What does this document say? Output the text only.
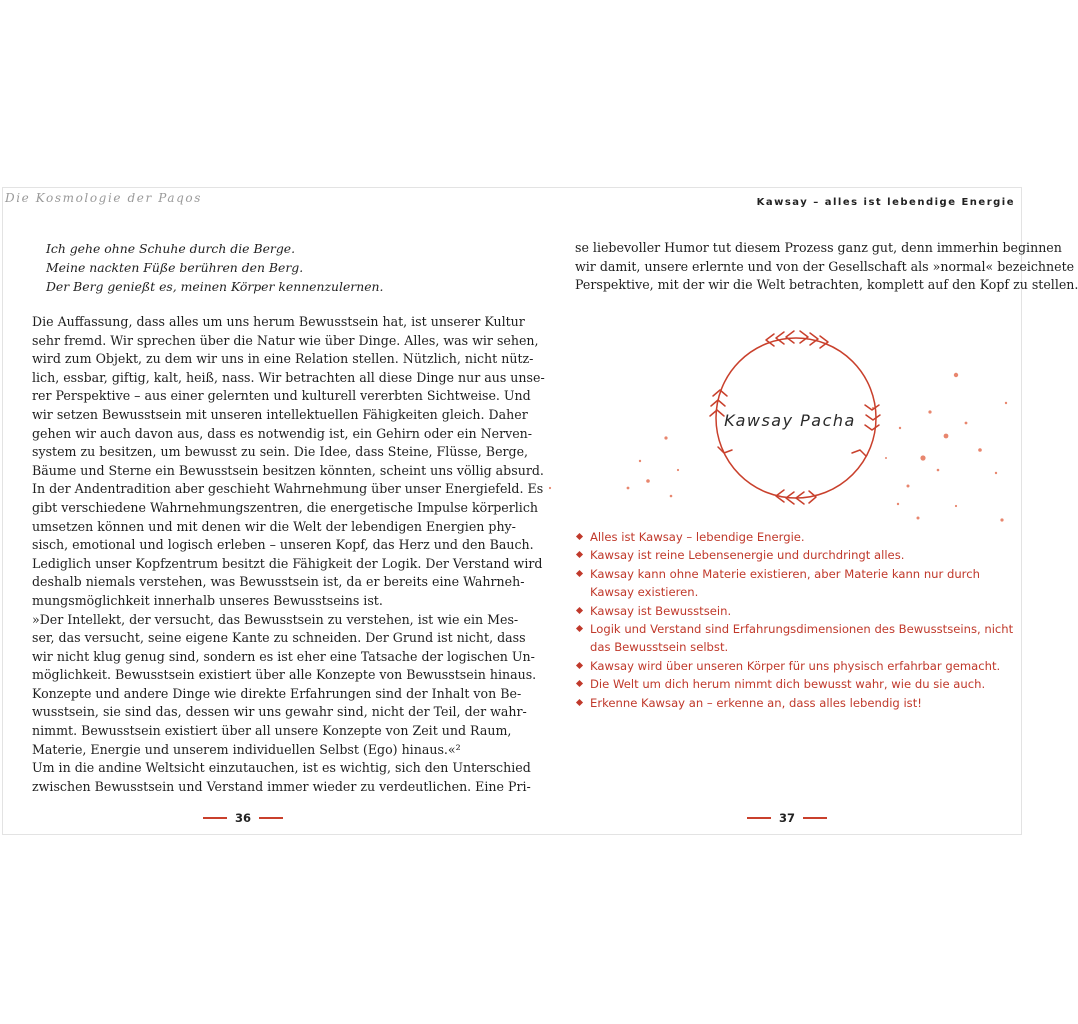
Die Kosmologie der Paqos
Ich gehe ohne Schuhe durch die Berge.
Meine nackten Füße berühren den Berg.
Der Berg genießt es, meinen Körper kennenzulernen.
Die Auffassung, dass alles um uns herum Bewusstsein hat, ist unserer Kultur
sehr fremd. Wir sprechen über die Natur wie über Dinge. Alles, was wir sehen,
wird zum Objekt, zu dem wir uns in eine Relation stellen. Nützlich, nicht nütz-
lich, essbar, giftig, kalt, heiß, nass. Wir betrachten all diese Dinge nur aus unse-
rer Perspektive – aus einer gelernten und kulturell vererbten Sichtweise. Und
wir setzen Bewusstsein mit unseren intellektuellen Fähigkeiten gleich. Daher
gehen wir auch davon aus, dass es notwendig ist, ein Gehirn oder ein Nerven-
system zu besitzen, um bewusst zu sein. Die Idee, dass Steine, Flüsse, Berge,
Bäume und Sterne ein Bewusstsein besitzen könnten, scheint uns völlig absurd.
In der Andentradition aber geschieht Wahrnehmung über unser Energiefeld. Es
gibt verschiedene Wahrnehmungszentren, die energetische Impulse körperlich
umsetzen können und mit denen wir die Welt der lebendigen Energien phy-
sisch, emotional und logisch erleben – unseren Kopf, das Herz und den Bauch.
Lediglich unser Kopfzentrum besitzt die Fähigkeit der Logik. Der Verstand wird
deshalb niemals verstehen, was Bewusstsein ist, da er bereits eine Wahrneh-
mungsmöglichkeit innerhalb unseres Bewusstseins ist.
»Der Intellekt, der versucht, das Bewusstsein zu verstehen, ist wie ein Mes-
ser, das versucht, seine eigene Kante zu schneiden. Der Grund ist nicht, dass
wir nicht klug genug sind, sondern es ist eher eine Tatsache der logischen Un-
möglichkeit. Bewusstsein existiert über alle Konzepte von Bewusstsein hinaus.
Konzepte und andere Dinge wie direkte Erfahrungen sind der Inhalt von Be-
wusstsein, sie sind das, dessen wir uns gewahr sind, nicht der Teil, der wahr-
nimmt. Bewusstsein existiert über all unsere Konzepte von Zeit und Raum,
Materie, Energie und unserem individuellen Selbst (Ego) hinaus.«²
Um in die andine Weltsicht einzutauchen, ist es wichtig, sich den Unterschied
zwischen Bewusstsein und Verstand immer wieder zu verdeutlichen. Eine Pri-
36
Kawsay – alles ist lebendige Energie
se liebevoller Humor tut diesem Prozess ganz gut, denn immerhin beginnen
wir damit, unsere erlernte und von der Gesellschaft als »normal« bezeichnete
Perspektive, mit der wir die Welt betrachten, komplett auf den Kopf zu stellen.
Kawsay Pacha
Alles ist Kawsay – lebendige Energie.
Kawsay ist reine Lebensenergie und durchdringt alles.
Kawsay kann ohne Materie existieren, aber Materie kann nur durch
Kawsay existieren.
Kawsay ist Bewusstsein.
Logik und Verstand sind Erfahrungsdimensionen des Bewusstseins, nicht
das Bewusstsein selbst.
Kawsay wird über unseren Körper für uns physisch erfahrbar gemacht.
Die Welt um dich herum nimmt dich bewusst wahr, wie du sie auch.
Erkenne Kawsay an – erkenne an, dass alles lebendig ist!
37
